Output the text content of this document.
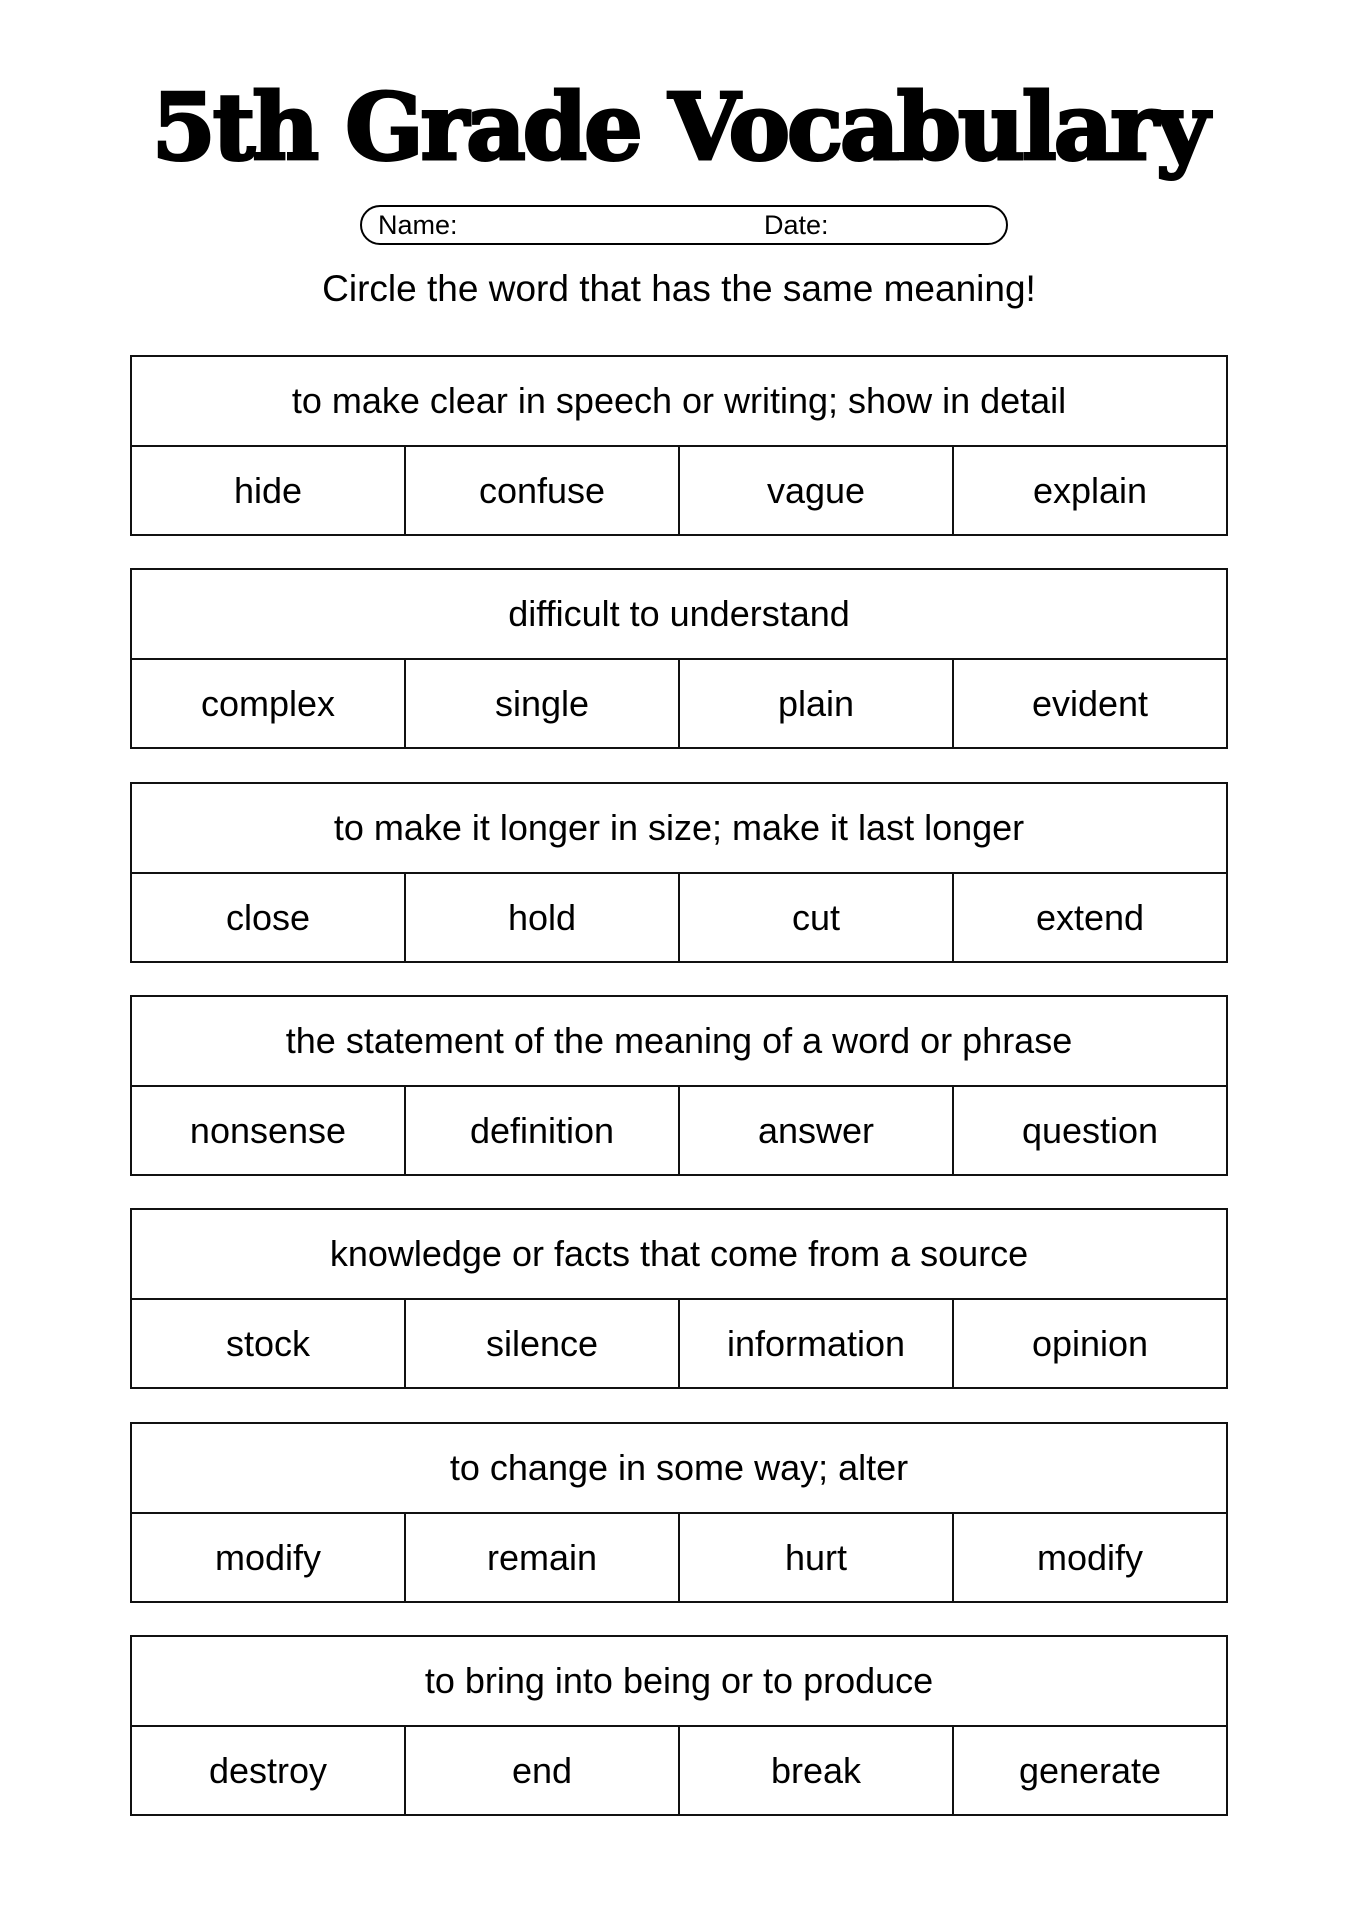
5th Grade Vocabulary
Name:	Date:
Circle the word that has the same meaning!
to make clear in speech or writing; show in detail
hide	confuse	vague	explain
difficult to understand
complex	single	plain	evident
to make it longer in size; make it last longer
close	hold	cut	extend
the statement of the meaning of a word or phrase
nonsense	definition	answer	question
knowledge or facts that come from a source
stock	silence	information	opinion
to change in some way; alter
modify	remain	hurt	modify
to bring into being or to produce
destroy	end	break	generate
